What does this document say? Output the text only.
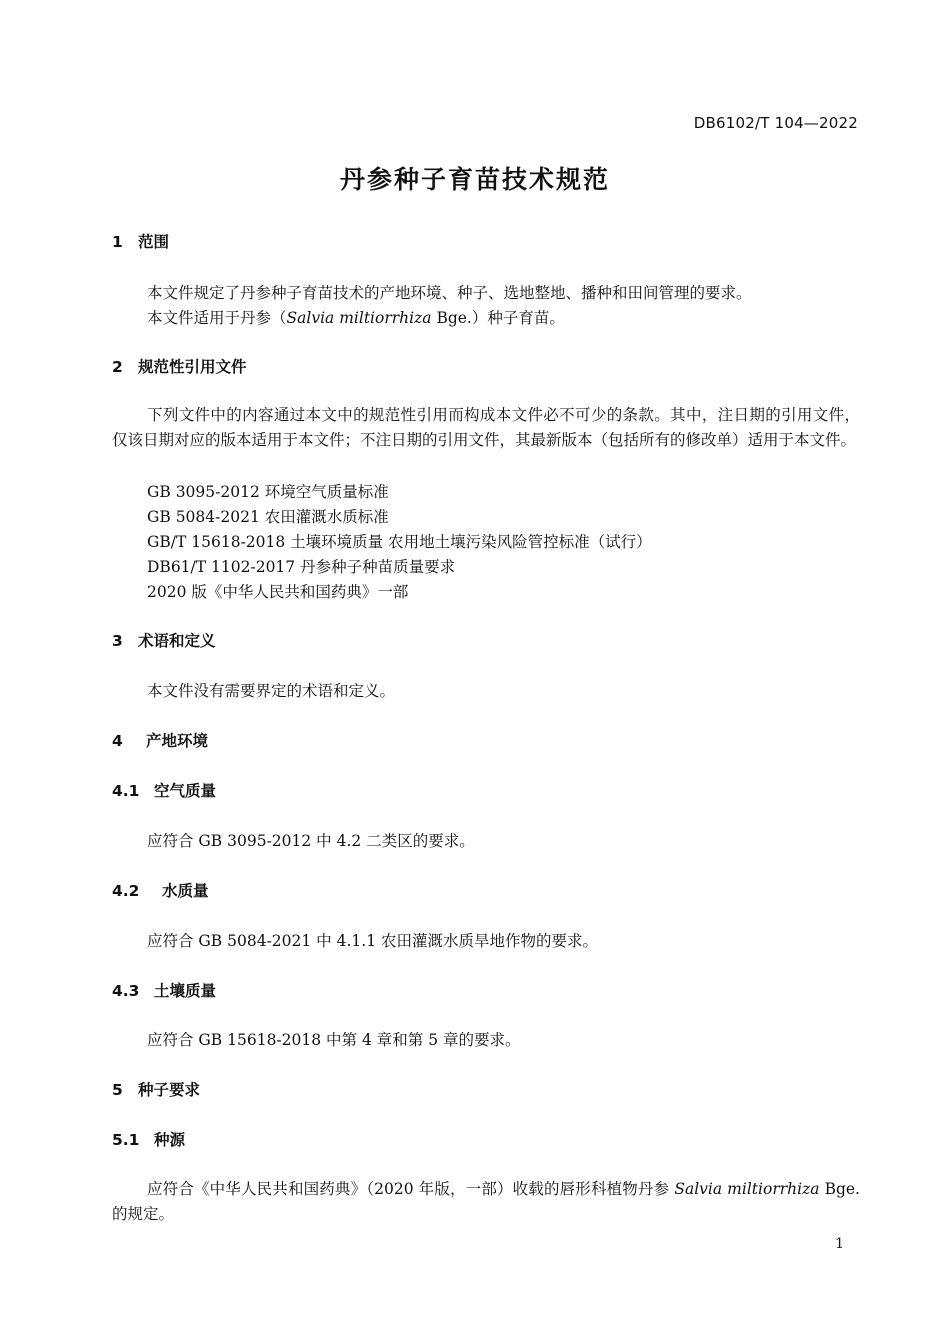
DB6102/T 104—2022
丹参种子育苗技术规范
1 范围
本文件规定了丹参种子育苗技术的产地环境、种子、选地整地、播种和田间管理的要求。
本文件适用于丹参（Salvia miltiorrhiza Bge.）种子育苗。
2 规范性引用文件
下列文件中的内容通过本文中的规范性引用而构成本文件必不可少的条款。其中，注日期的引用文件， 仅该日期对应的版本适用于本文件；不注日期的引用文件，其最新版本（包括所有的修改单）适用于本文件。
GB 3095-2012 环境空气质量标准
GB 5084-2021 农田灌溉水质标准
GB/T 15618-2018 土壤环境质量 农用地土壤污染风险管控标准（试行）
DB61/T 1102-2017 丹参种子种苗质量要求
2020 版《中华人民共和国药典》一部
3 术语和定义
本文件没有需要界定的术语和定义。
4 产地环境
4.1 空气质量
应符合 GB 3095-2012 中 4.2 二类区的要求。
4.2 水质量
应符合 GB 5084-2021 中 4.1.1 农田灌溉水质旱地作物的要求。
4.3 土壤质量
应符合 GB 15618-2018 中第 4 章和第 5 章的要求。
5 种子要求
5.1 种源
应符合《中华人民共和国药典》（2020 年版，一部）收载的唇形科植物丹参 Salvia miltiorrhiza Bge. 的规定。
1
